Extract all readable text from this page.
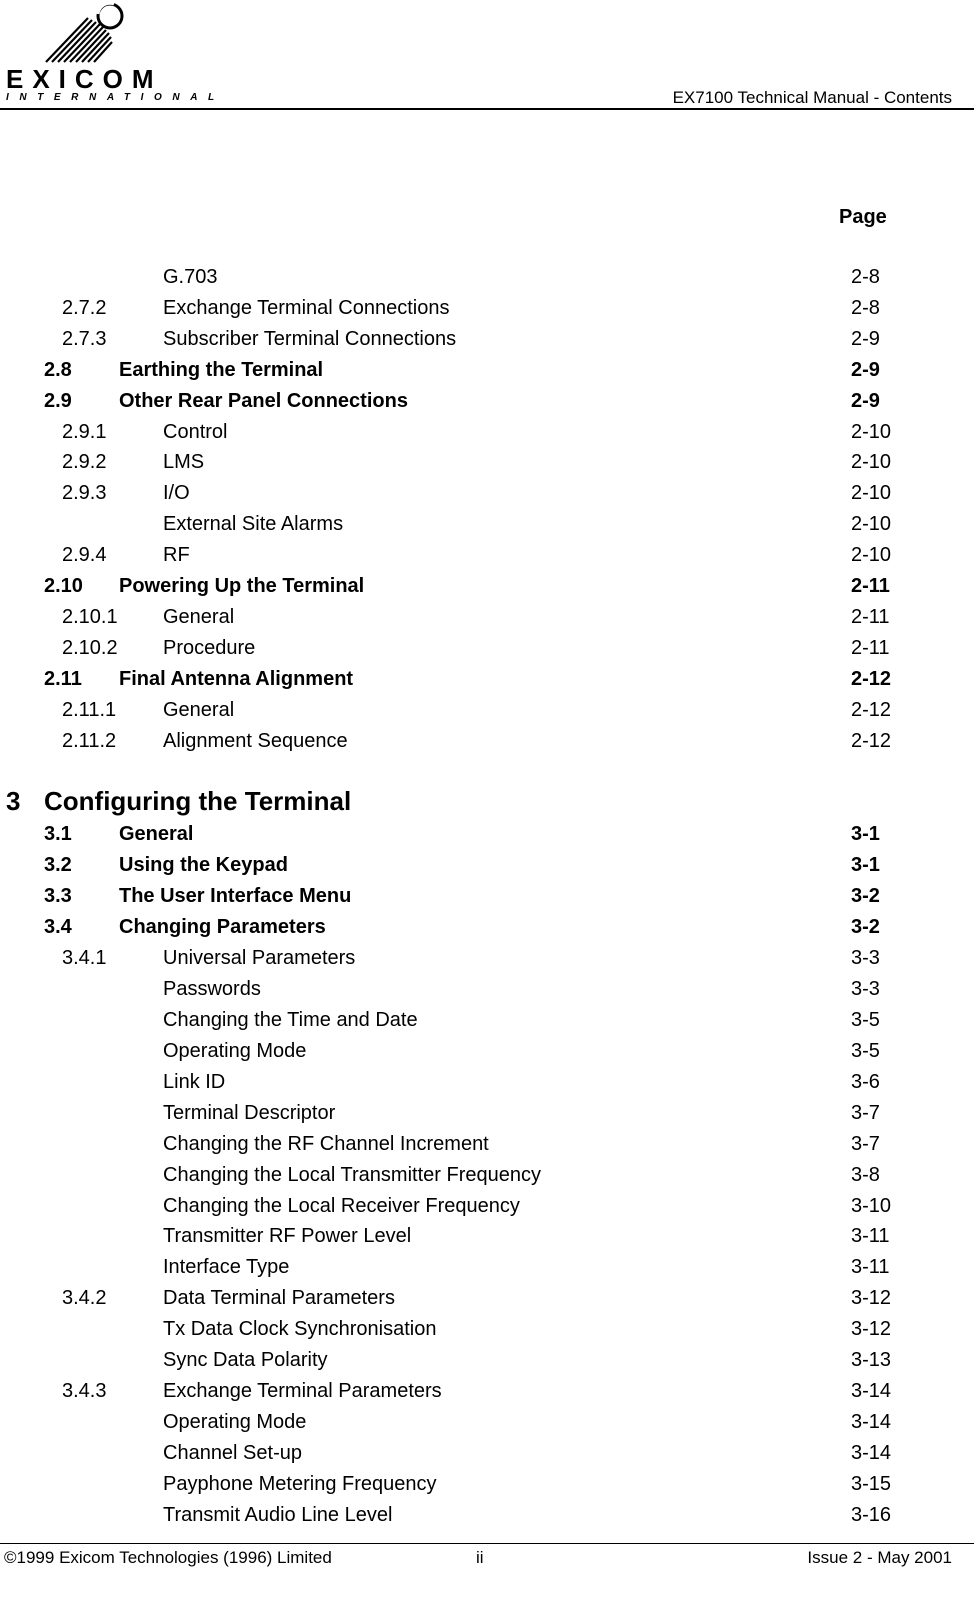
EXICOM
INTERNATIONAL	EX7100 Technical Manual - Contents
Page
G.703	2-8
2.7.2	Exchange Terminal Connections	2-8
2.7.3	Subscriber Terminal Connections	2-9
2.8 Earthing the Terminal	2-9
2.9 Other Rear Panel Connections	2-9
2.9.1	Control	2-10
2.9.2	LMS	2-10
2.9.3	I/O	2-10
External Site Alarms	2-10
2.9.4	RF	2-10
2.10 Powering Up the Terminal	2-11
2.10.1 General	2-11
2.10.2 Procedure	2-11
2.11 Final Antenna Alignment	2-12
2.11.1 General	2-12
2.11.2 Alignment Sequence	2-12
3 Configuring the Terminal
3.1 General	3-1
3.2 Using the Keypad	3-1
3.3 The User Interface Menu	3-2
3.4 Changing Parameters	3-2
3.4.1	Universal Parameters	3-3
Passwords	3-3
Changing the Time and Date	3-5
Operating Mode	3-5
Link ID	3-6
Terminal Descriptor	3-7
Changing the RF Channel Increment	3-7
Changing the Local Transmitter Frequency	3-8
Changing the Local Receiver Frequency	3-10
Transmitter RF Power Level	3-11
Interface Type	3-11
3.4.2	Data Terminal Parameters	3-12
Tx Data Clock Synchronisation	3-12
Sync Data Polarity	3-13
3.4.3	Exchange Terminal Parameters	3-14
Operating Mode	3-14
Channel Set-up	3-14
Payphone Metering Frequency	3-15
Transmit Audio Line Level	3-16
©1999 Exicom Technologies (1996) Limited	ii	Issue 2 - May 2001
